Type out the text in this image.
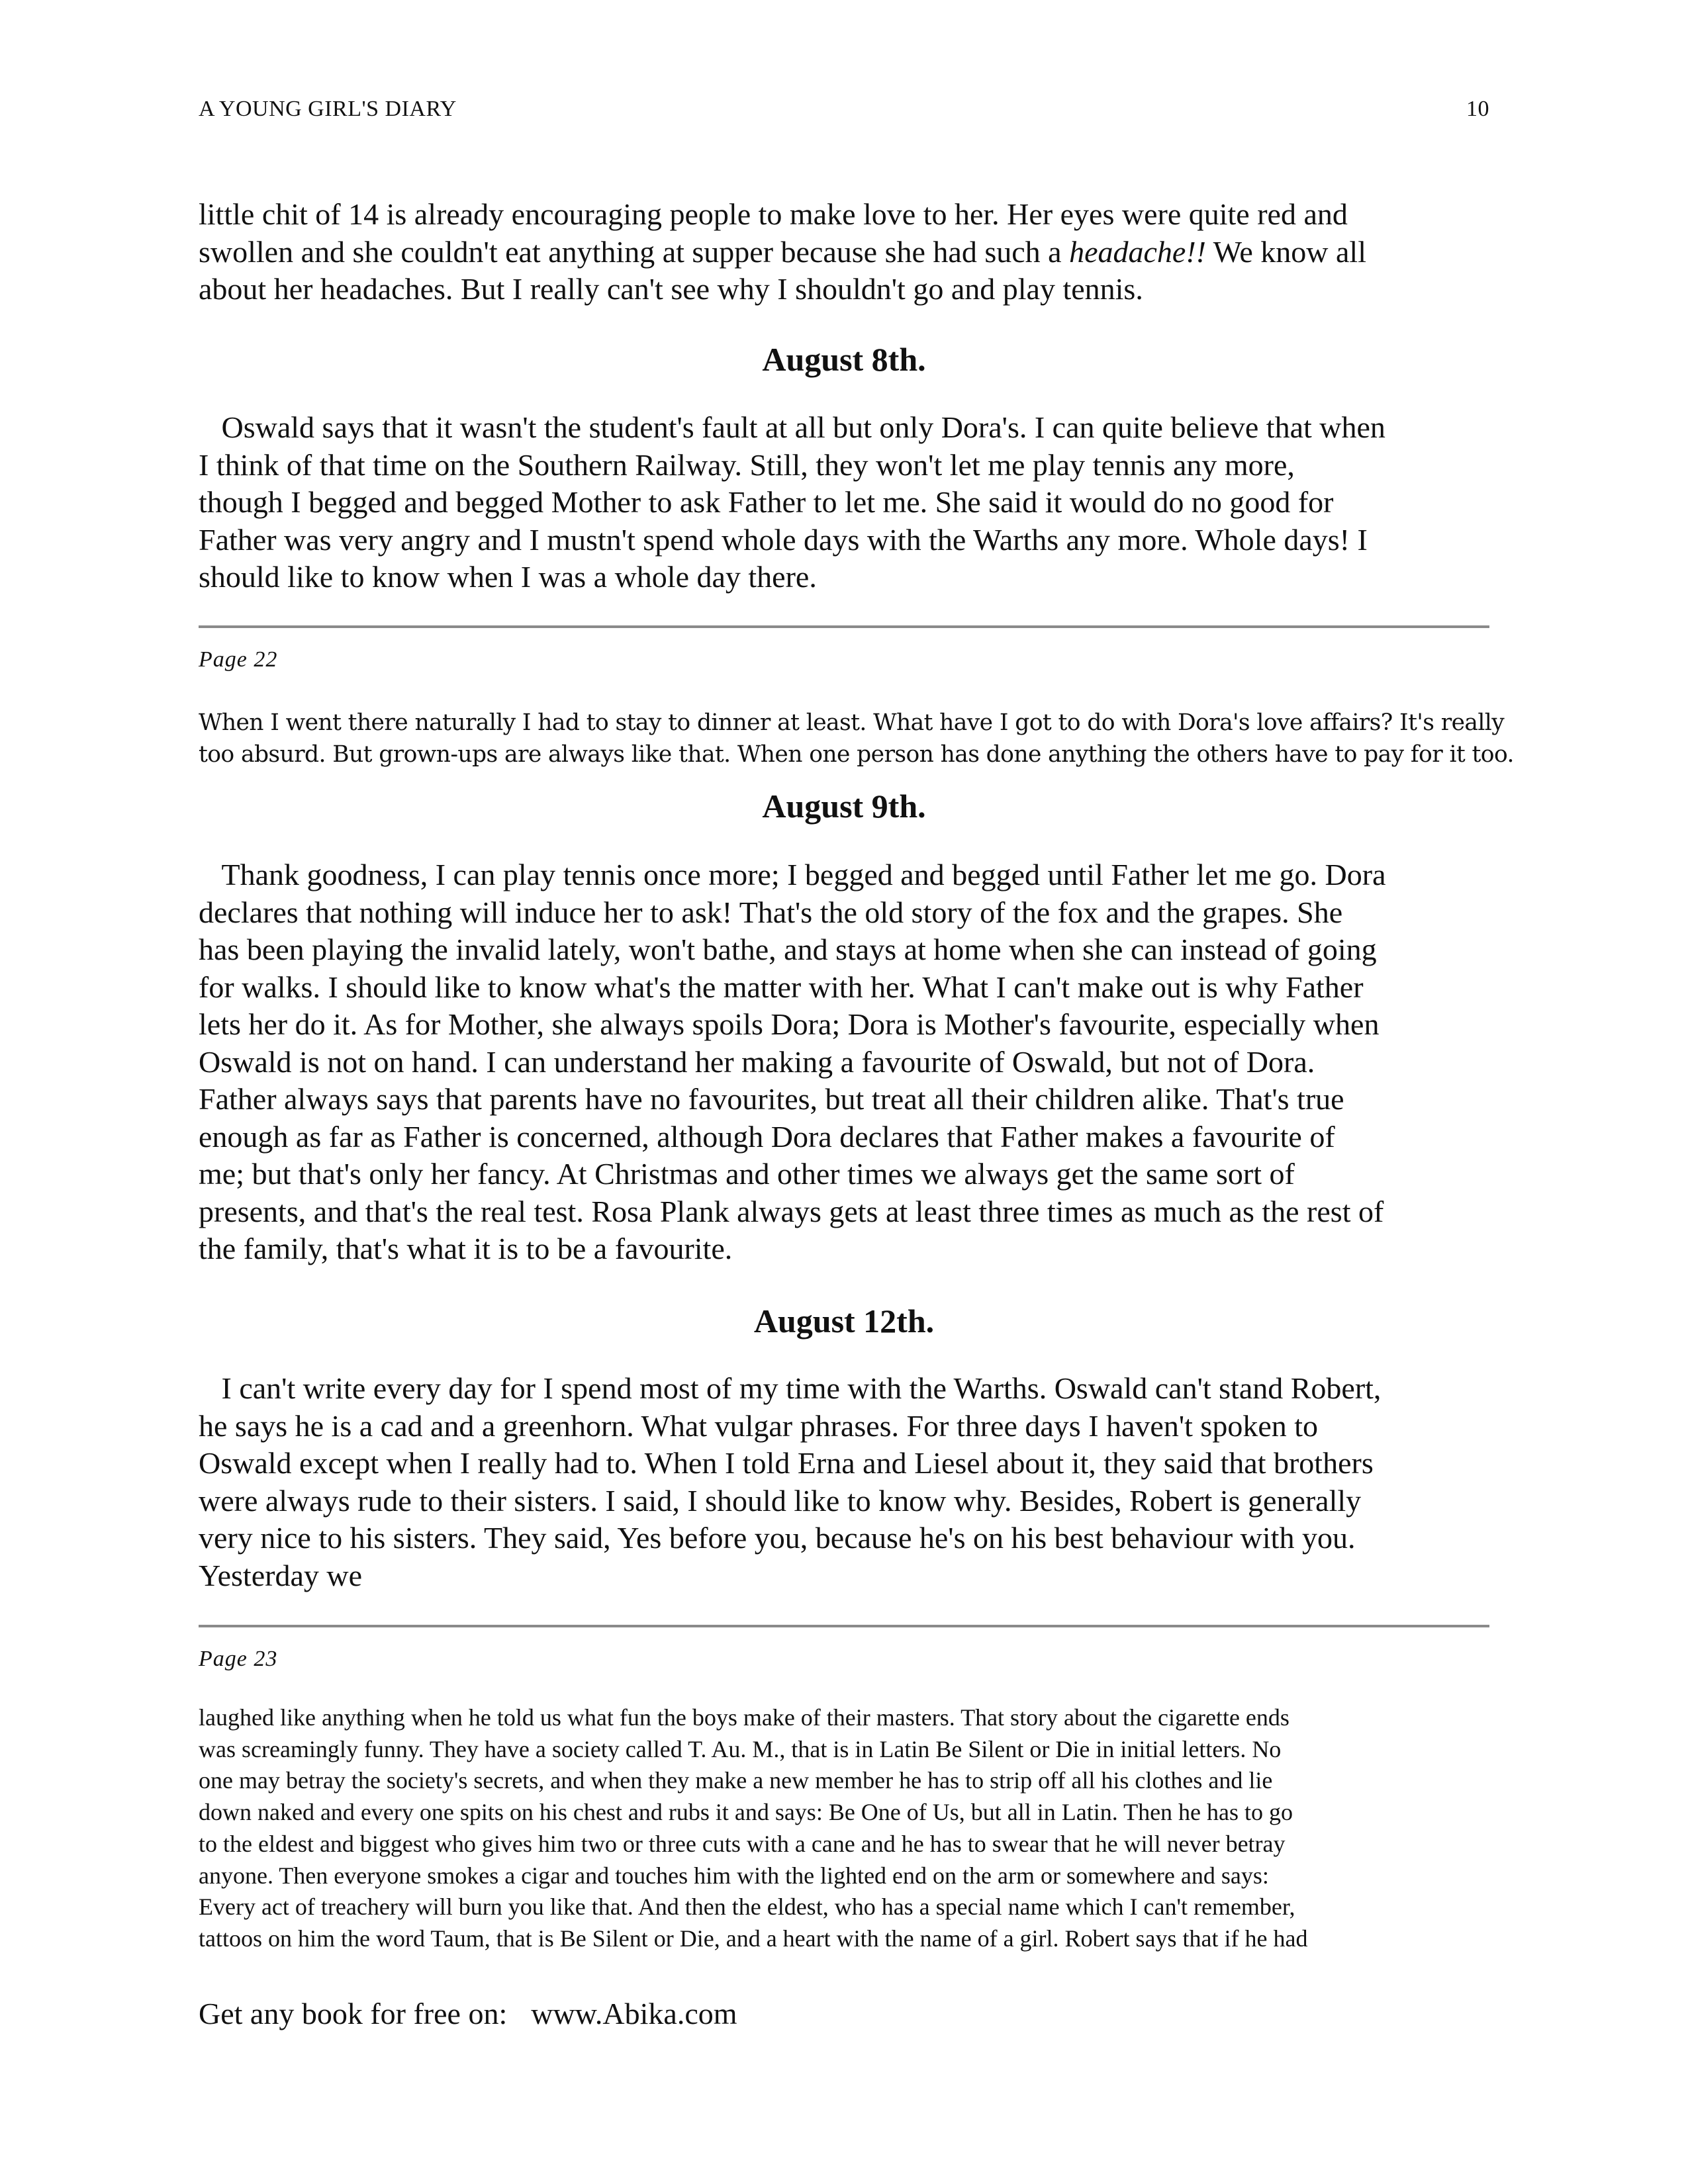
A YOUNG GIRL'S DIARY	10
little chit of 14 is already encouraging people to make love to her. Her eyes were quite red and
swollen and she couldn't eat anything at supper because she had such a headache!! We know all
about her headaches. But I really can't see why I shouldn't go and play tennis.
August 8th.
Oswald says that it wasn't the student's fault at all but only Dora's. I can quite believe that when
I think of that time on the Southern Railway. Still, they won't let me play tennis any more,
though I begged and begged Mother to ask Father to let me. She said it would do no good for
Father was very angry and I mustn't spend whole days with the Warths any more. Whole days! I
should like to know when I was a whole day there.
Page 22
When I went there naturally I had to stay to dinner at least. What have I got to do with Dora's love affairs? It's really
too absurd. But grown-ups are always like that. When one person has done anything the others have to pay for it too.
August 9th.
Thank goodness, I can play tennis once more; I begged and begged until Father let me go. Dora
declares that nothing will induce her to ask! That's the old story of the fox and the grapes. She
has been playing the invalid lately, won't bathe, and stays at home when she can instead of going
for walks. I should like to know what's the matter with her. What I can't make out is why Father
lets her do it. As for Mother, she always spoils Dora; Dora is Mother's favourite, especially when
Oswald is not on hand. I can understand her making a favourite of Oswald, but not of Dora.
Father always says that parents have no favourites, but treat all their children alike. That's true
enough as far as Father is concerned, although Dora declares that Father makes a favourite of
me; but that's only her fancy. At Christmas and other times we always get the same sort of
presents, and that's the real test. Rosa Plank always gets at least three times as much as the rest of
the family, that's what it is to be a favourite.
August 12th.
I can't write every day for I spend most of my time with the Warths. Oswald can't stand Robert,
he says he is a cad and a greenhorn. What vulgar phrases. For three days I haven't spoken to
Oswald except when I really had to. When I told Erna and Liesel about it, they said that brothers
were always rude to their sisters. I said, I should like to know why. Besides, Robert is generally
very nice to his sisters. They said, Yes before you, because he's on his best behaviour with you.
Yesterday we
Page 23
laughed like anything when he told us what fun the boys make of their masters. That story about the cigarette ends
was screamingly funny. They have a society called T. Au. M., that is in Latin Be Silent or Die in initial letters. No
one may betray the society's secrets, and when they make a new member he has to strip off all his clothes and lie
down naked and every one spits on his chest and rubs it and says: Be One of Us, but all in Latin. Then he has to go
to the eldest and biggest who gives him two or three cuts with a cane and he has to swear that he will never betray
anyone. Then everyone smokes a cigar and touches him with the lighted end on the arm or somewhere and says:
Every act of treachery will burn you like that. And then the eldest, who has a special name which I can't remember,
tattoos on him the word Taum, that is Be Silent or Die, and a heart with the name of a girl. Robert says that if he had
Get any book for free on: www.Abika.com
